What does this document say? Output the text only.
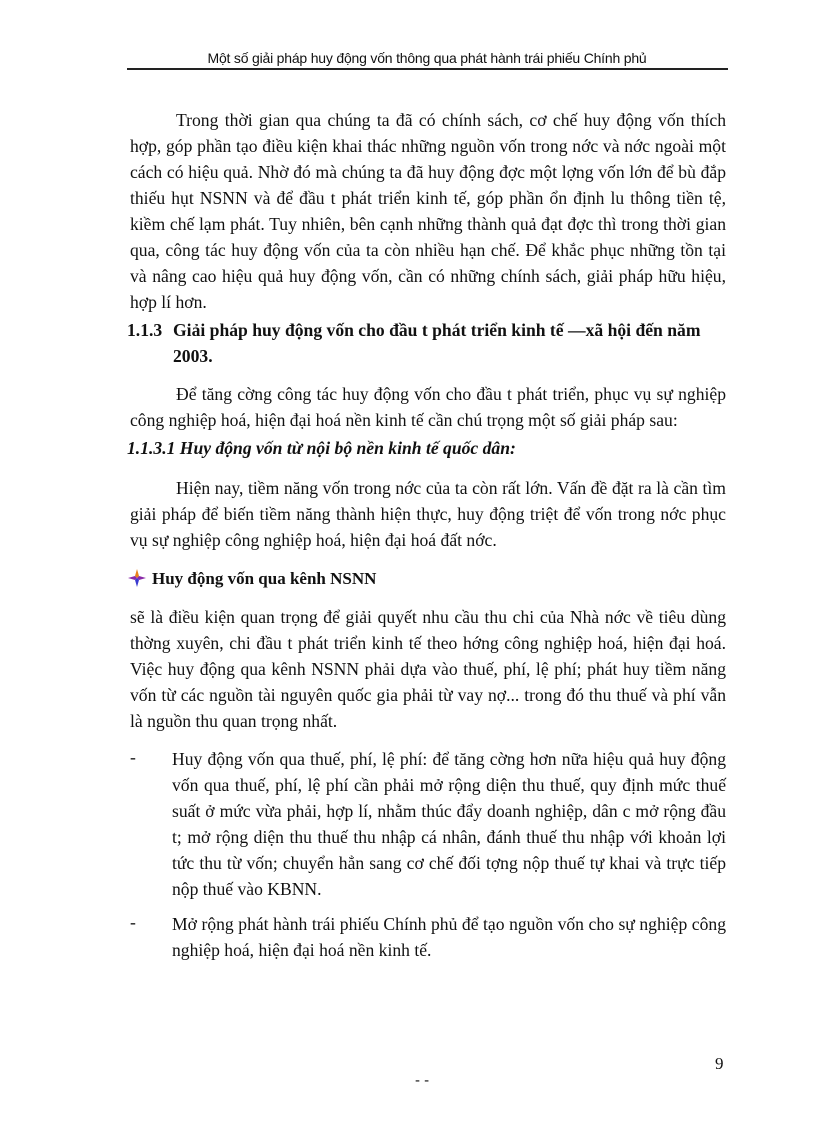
Một số giải pháp huy động vốn thông qua phát hành trái phiếu Chính phủ

Trong thời gian qua chúng ta đã có chính sách, cơ chế huy động vốn thích hợp, góp phần tạo điều kiện khai thác những nguồn vốn trong nớc và nớc ngoài một cách có hiệu quả. Nhờ đó mà chúng ta đã huy động đợc một lợng vốn lớn để bù đắp thiếu hụt NSNN và để đầu t phát triển kinh tế, góp phần ổn định lu thông tiền tệ, kiềm chế lạm phát. Tuy nhiên, bên cạnh những thành quả đạt đợc thì trong thời gian qua, công tác huy động vốn của ta còn nhiều hạn chế. Để khắc phục những tồn tại và nâng cao hiệu quả huy động vốn, cần có những chính sách, giải pháp hữu hiệu, hợp lí hơn.

1.1.3 Giải pháp huy động vốn cho đầu t phát triển kinh tế —xã hội đến năm 2003.

Để tăng cờng công tác huy động vốn cho đầu t phát triển, phục vụ sự nghiệp công nghiệp hoá, hiện đại hoá nền kinh tế cần chú trọng một số giải pháp sau:

1.1.3.1 Huy động vốn từ nội bộ nền kinh tế quốc dân:

Hiện nay, tiềm năng vốn trong nớc của ta còn rất lớn. Vấn đề đặt ra là cần tìm giải pháp để biến tiềm năng thành hiện thực, huy động triệt để vốn trong nớc phục vụ sự nghiệp công nghiệp hoá, hiện đại hoá đất nớc.

Huy động vốn qua kênh NSNN

sẽ là điều kiện quan trọng để giải quyết nhu cầu thu chi của Nhà nớc về tiêu dùng thờng xuyên, chi đầu t phát triển kinh tế theo hớng công nghiệp hoá, hiện đại hoá. Việc huy động qua kênh NSNN phải dựa vào thuế, phí, lệ phí; phát huy tiềm năng vốn từ các nguồn tài nguyên quốc gia phải từ vay nợ... trong đó thu thuế và phí vẫn là nguồn thu quan trọng nhất.

- Huy động vốn qua thuế, phí, lệ phí: để tăng cờng hơn nữa hiệu quả huy động vốn qua thuế, phí, lệ phí cần phải mở rộng diện thu thuế, quy định mức thuế suất ở mức vừa phải, hợp lí, nhằm thúc đẩy doanh nghiệp, dân c mở rộng đầu t; mở rộng diện thu thuế thu nhập cá nhân, đánh thuế thu nhập với khoản lợi tức thu từ vốn; chuyển hẳn sang cơ chế đối tợng nộp thuế tự khai và trực tiếp nộp thuế vào KBNN.

- Mở rộng phát hành trái phiếu Chính phủ để tạo nguồn vốn cho sự nghiệp công nghiệp hoá, hiện đại hoá nền kinh tế.

- -
9
